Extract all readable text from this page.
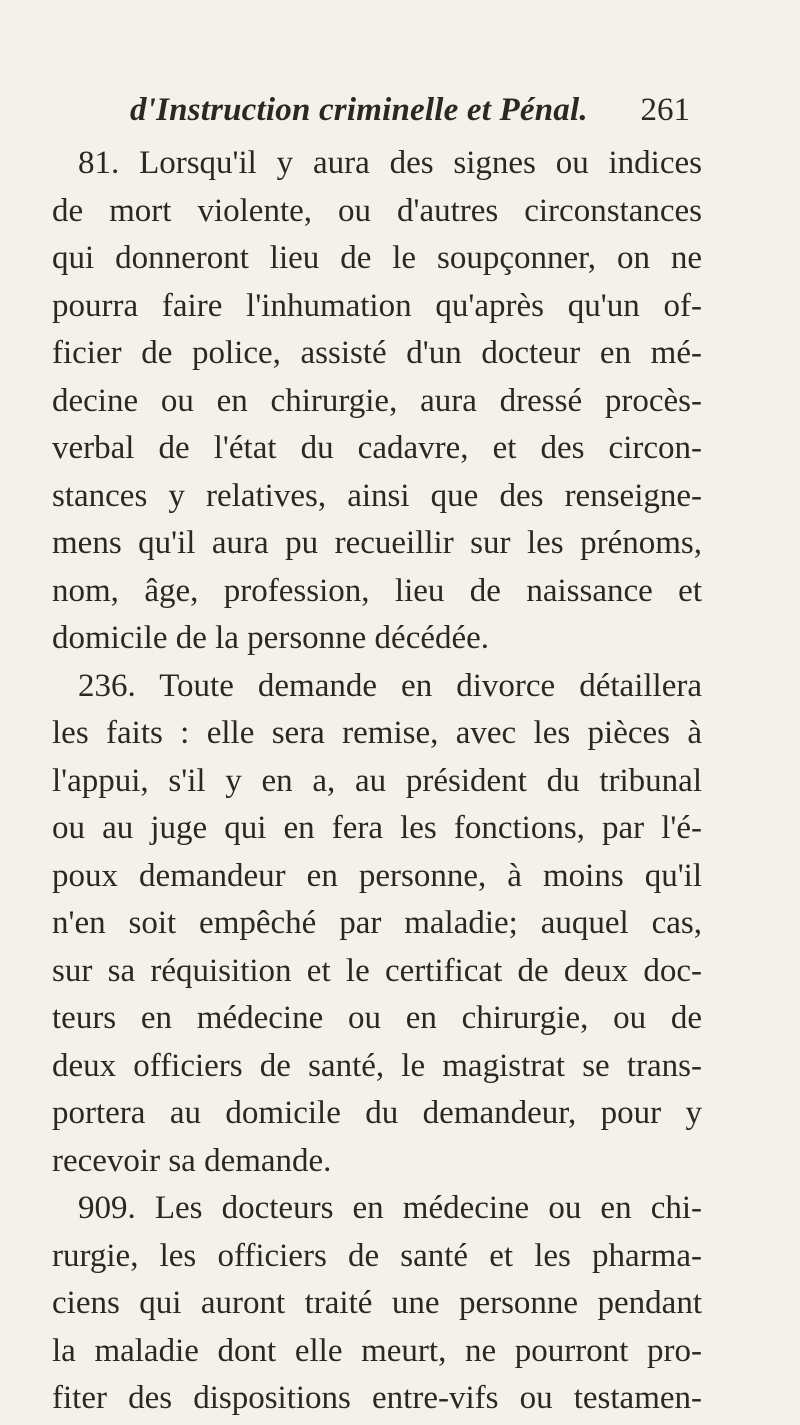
d'Instruction criminelle et Pénal. 261
81. Lorsqu'il y aura des signes ou indices
de mort violente, ou d'autres circonstances
qui donneront lieu de le soupçonner, on ne
pourra faire l'inhumation qu'après qu'un of-
ficier de police, assisté d'un docteur en mé-
decine ou en chirurgie, aura dressé procès-
verbal de l'état du cadavre, et des circon-
stances y relatives, ainsi que des renseigne-
mens qu'il aura pu recueillir sur les prénoms,
nom, âge, profession, lieu de naissance et
domicile de la personne décédée.
236. Toute demande en divorce détaillera
les faits : elle sera remise, avec les pièces à
l'appui, s'il y en a, au président du tribunal
ou au juge qui en fera les fonctions, par l'é-
poux demandeur en personne, à moins qu'il
n'en soit empêché par maladie; auquel cas,
sur sa réquisition et le certificat de deux doc-
teurs en médecine ou en chirurgie, ou de
deux officiers de santé, le magistrat se trans-
portera au domicile du demandeur, pour y
recevoir sa demande.
909. Les docteurs en médecine ou en chi-
rurgie, les officiers de santé et les pharma-
ciens qui auront traité une personne pendant
la maladie dont elle meurt, ne pourront pro-
fiter des dispositions entre-vifs ou testamen-
